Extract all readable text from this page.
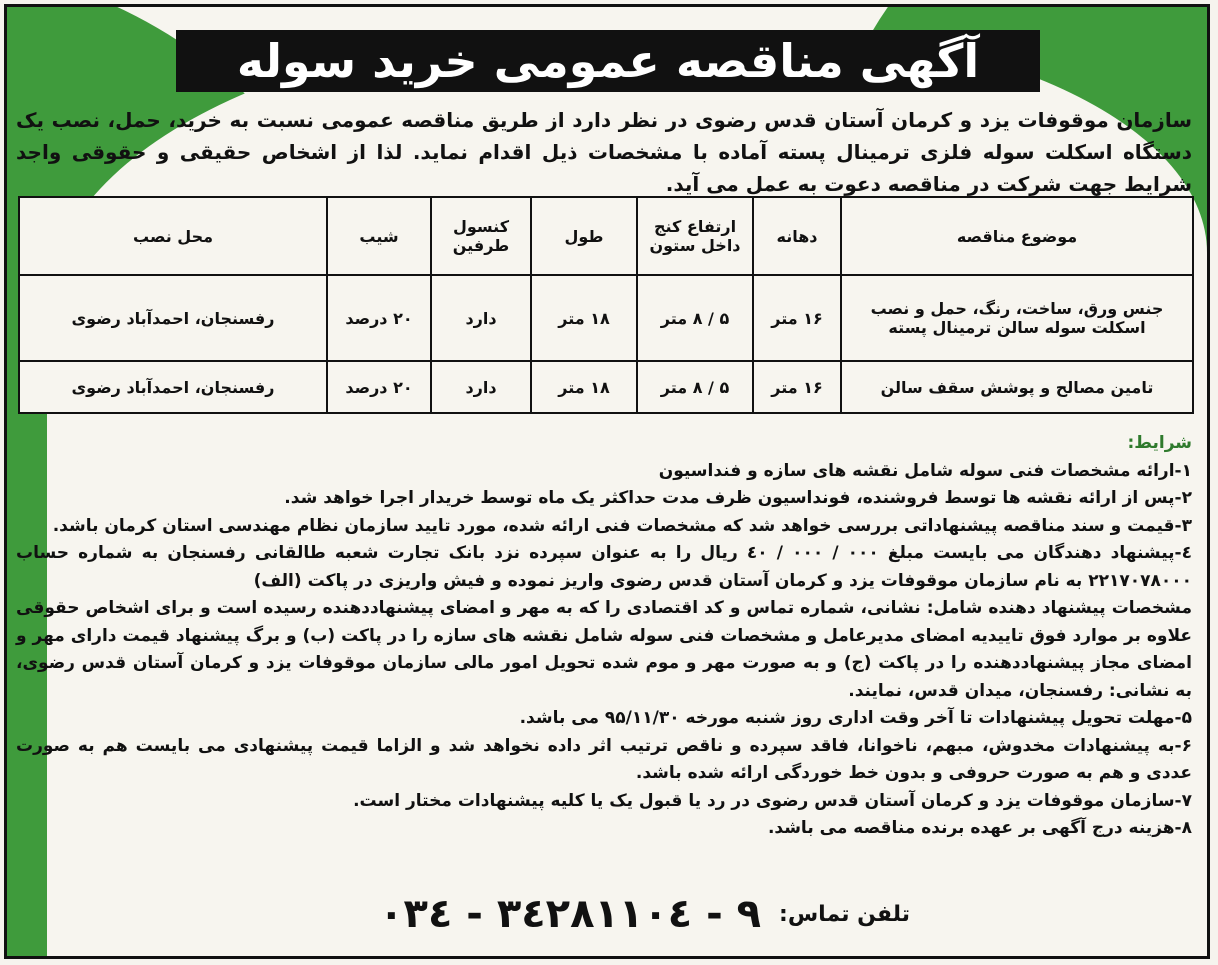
آگهی مناقصه عمومی خرید سوله
سازمان موقوفات یزد و کرمان آستان قدس رضوی در نظر دارد از طریق مناقصه عمومی نسبت به خرید، حمل، نصب یک دستگاه اسکلت سوله فلزی ترمینال پسته آماده با مشخصات ذیل اقدام نماید. لذا از اشخاص حقیقی و حقوقی واجد شرایط جهت شرکت در مناقصه دعوت به عمل می آید.
موضوع مناقصه	دهانه	ارتفاع کنج داخل ستون	طول	کنسول طرفین	شیب	محل نصب
جنس ورق، ساخت، رنگ، حمل و نصب اسکلت سوله سالن ترمینال پسته	۱۶ متر	۵ / ۸ متر	۱۸ متر	دارد	۲۰ درصد	رفسنجان، احمدآباد رضوی
تامین مصالح و پوشش سقف سالن	۱۶ متر	۵ / ۸ متر	۱۸ متر	دارد	۲۰ درصد	رفسنجان، احمدآباد رضوی
شرایط:

۱-ارائه مشخصات فنی سوله شامل نقشه های سازه و فنداسیون

۲-پس از ارائه نقشه ها توسط فروشنده، فونداسیون ظرف مدت حداکثر یک ماه توسط خریدار اجرا خواهد شد.

۳-قیمت و سند مناقصه پیشنهاداتی بررسی خواهد شد که مشخصات فنی ارائه شده، مورد تایید سازمان نظام مهندسی استان کرمان باشد.

٤-پیشنهاد دهندگان می بایست مبلغ ۰۰۰ / ۰۰۰ / ٤۰ ریال را به عنوان سپرده نزد بانک تجارت شعبه طالقانی رفسنجان به شماره حساب ۲۲۱۷۰۷۸۰۰۰ به نام سازمان موقوفات یزد و کرمان آستان قدس رضوی واریز نموده و فیش واریزی در پاکت (الف)

مشخصات پیشنهاد دهنده شامل: نشانی، شماره تماس و کد اقتصادی را که به مهر و امضای پیشنهاددهنده رسیده است و برای اشخاص حقوقی علاوه بر موارد فوق تاییدیه امضای مدیرعامل و مشخصات فنی سوله شامل نقشه های سازه را در پاکت (ب) و برگ پیشنهاد قیمت دارای مهر و امضای مجاز پیشنهاددهنده را در پاکت (ج) و به صورت مهر و موم شده تحویل امور مالی سازمان موقوفات یزد و کرمان آستان قدس رضوی، به نشانی: رفسنجان، میدان قدس، نمایند.

۵-مهلت تحویل پیشنهادات تا آخر وقت اداری روز شنبه مورخه ۹۵/۱۱/۳۰ می باشد.

۶-به پیشنهادات مخدوش، مبهم، ناخوانا، فاقد سپرده و ناقص ترتیب اثر داده نخواهد شد و الزاما قیمت پیشنهادی می بایست هم به صورت عددی و هم به صورت حروفی و بدون خط خوردگی ارائه شده باشد.

۷-سازمان موقوفات یزد و کرمان آستان قدس رضوی در رد یا قبول یک یا کلیه پیشنهادات مختار است.

۸-هزینه درج آگهی بر عهده برنده مناقصه می باشد.

تلفن تماس:
۰۳٤ - ۳٤۲۸۱۱۰٤ - ۹
